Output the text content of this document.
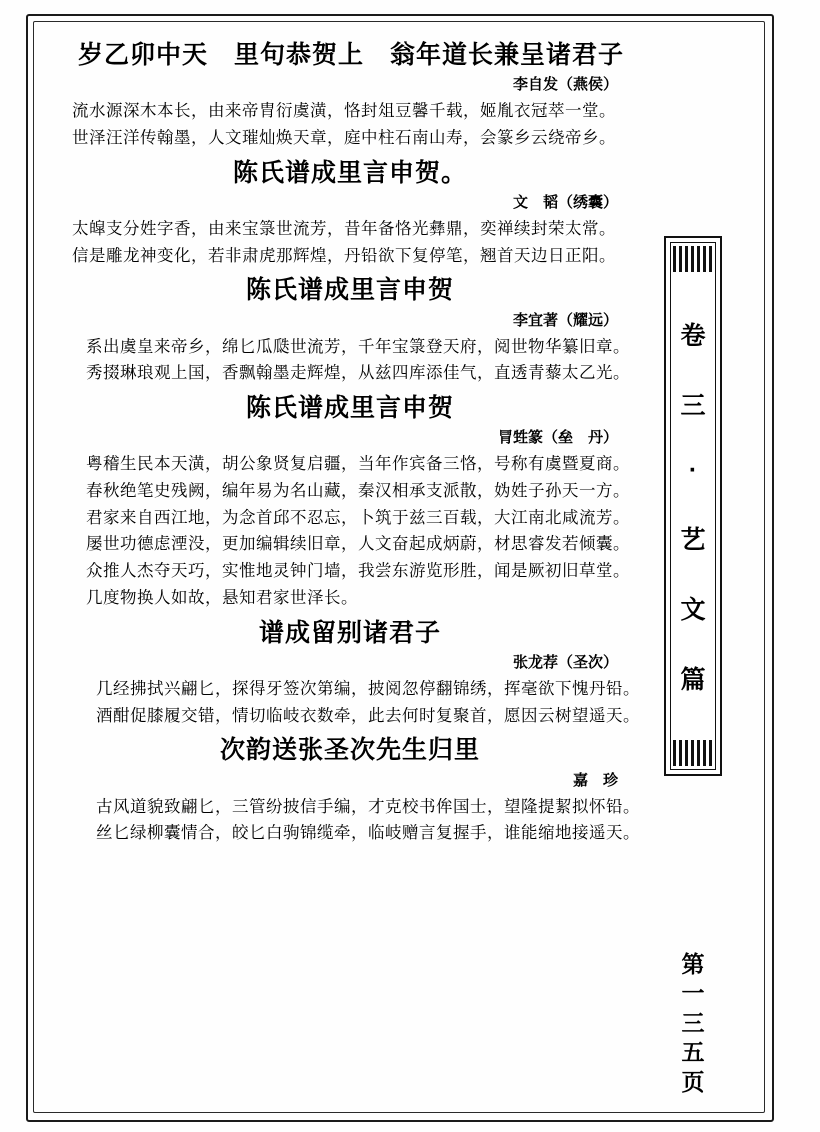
岁乙卯中天　里句恭贺上　翁年道长兼呈诸君子
李自发（燕侯）
流水源深木本长，由来帝胄衍虞潢，恪封俎豆馨千载，姬胤衣冠萃一堂。
世泽汪洋传翰墨，人文璀灿焕天章，庭中柱石南山寿，会篆乡云绕帝乡。
陈氏谱成里言申贺。
文　韬（绣囊）
太皡支分姓字香，由来宝箓世流芳，昔年备恪光彝鼎，奕禅续封荣太常。
信是雕龙神变化，若非肃虎那辉煌，丹铅欲下复停笔，翘首天边日正阳。
陈氏谱成里言申贺
李宜著（耀远）
系出虞皇来帝乡，绵匕瓜瓞世流芳，千年宝箓登天府，阅世物华纂旧章。
秀掇琳琅观上国，香飘翰墨走辉煌，从兹四库添佳气，直透青藜太乙光。
陈氏谱成里言申贺
冐甡篆（垒　丹）
粤稽生民本天潢，胡公象贤复启疆，当年作宾备三恪，号称有虞暨夏商。
春秋绝笔史残阙，编年易为名山藏，秦汉相承支派散，妫姓子孙天一方。
君家来自西江地，为念首邱不忍忘，卜筑于兹三百载，大江南北咸流芳。
屡世功德虑湮没，更加编辑续旧章，人文奋起成炳蔚，材思睿发若倾囊。
众推人杰夺天巧，实惟地灵钟门墙，我尝东游览形胜，闻是厥初旧草堂。
几度物换人如故，悬知君家世泽长。
谱成留别诸君子
张龙荐（圣次）
几经拂拭兴翩匕，探得牙签次第编，披阅忽停翻锦绣，挥毫欲下愧丹铅。
酒酣促膝履交错，情切临岐衣数牵，此去何时复聚首，愿因云树望遥天。
次韵送张圣次先生归里
嘉　珍
古风道貌致翩匕，三管纷披信手编，才克校书侔国士，望隆提絜拟怀铅。
丝匕绿柳囊情合，皎匕白驹锦缆牵，临岐赠言复握手，谁能缩地接遥天。
卷
三
·
艺
文
篇
第
一
三
五
页
